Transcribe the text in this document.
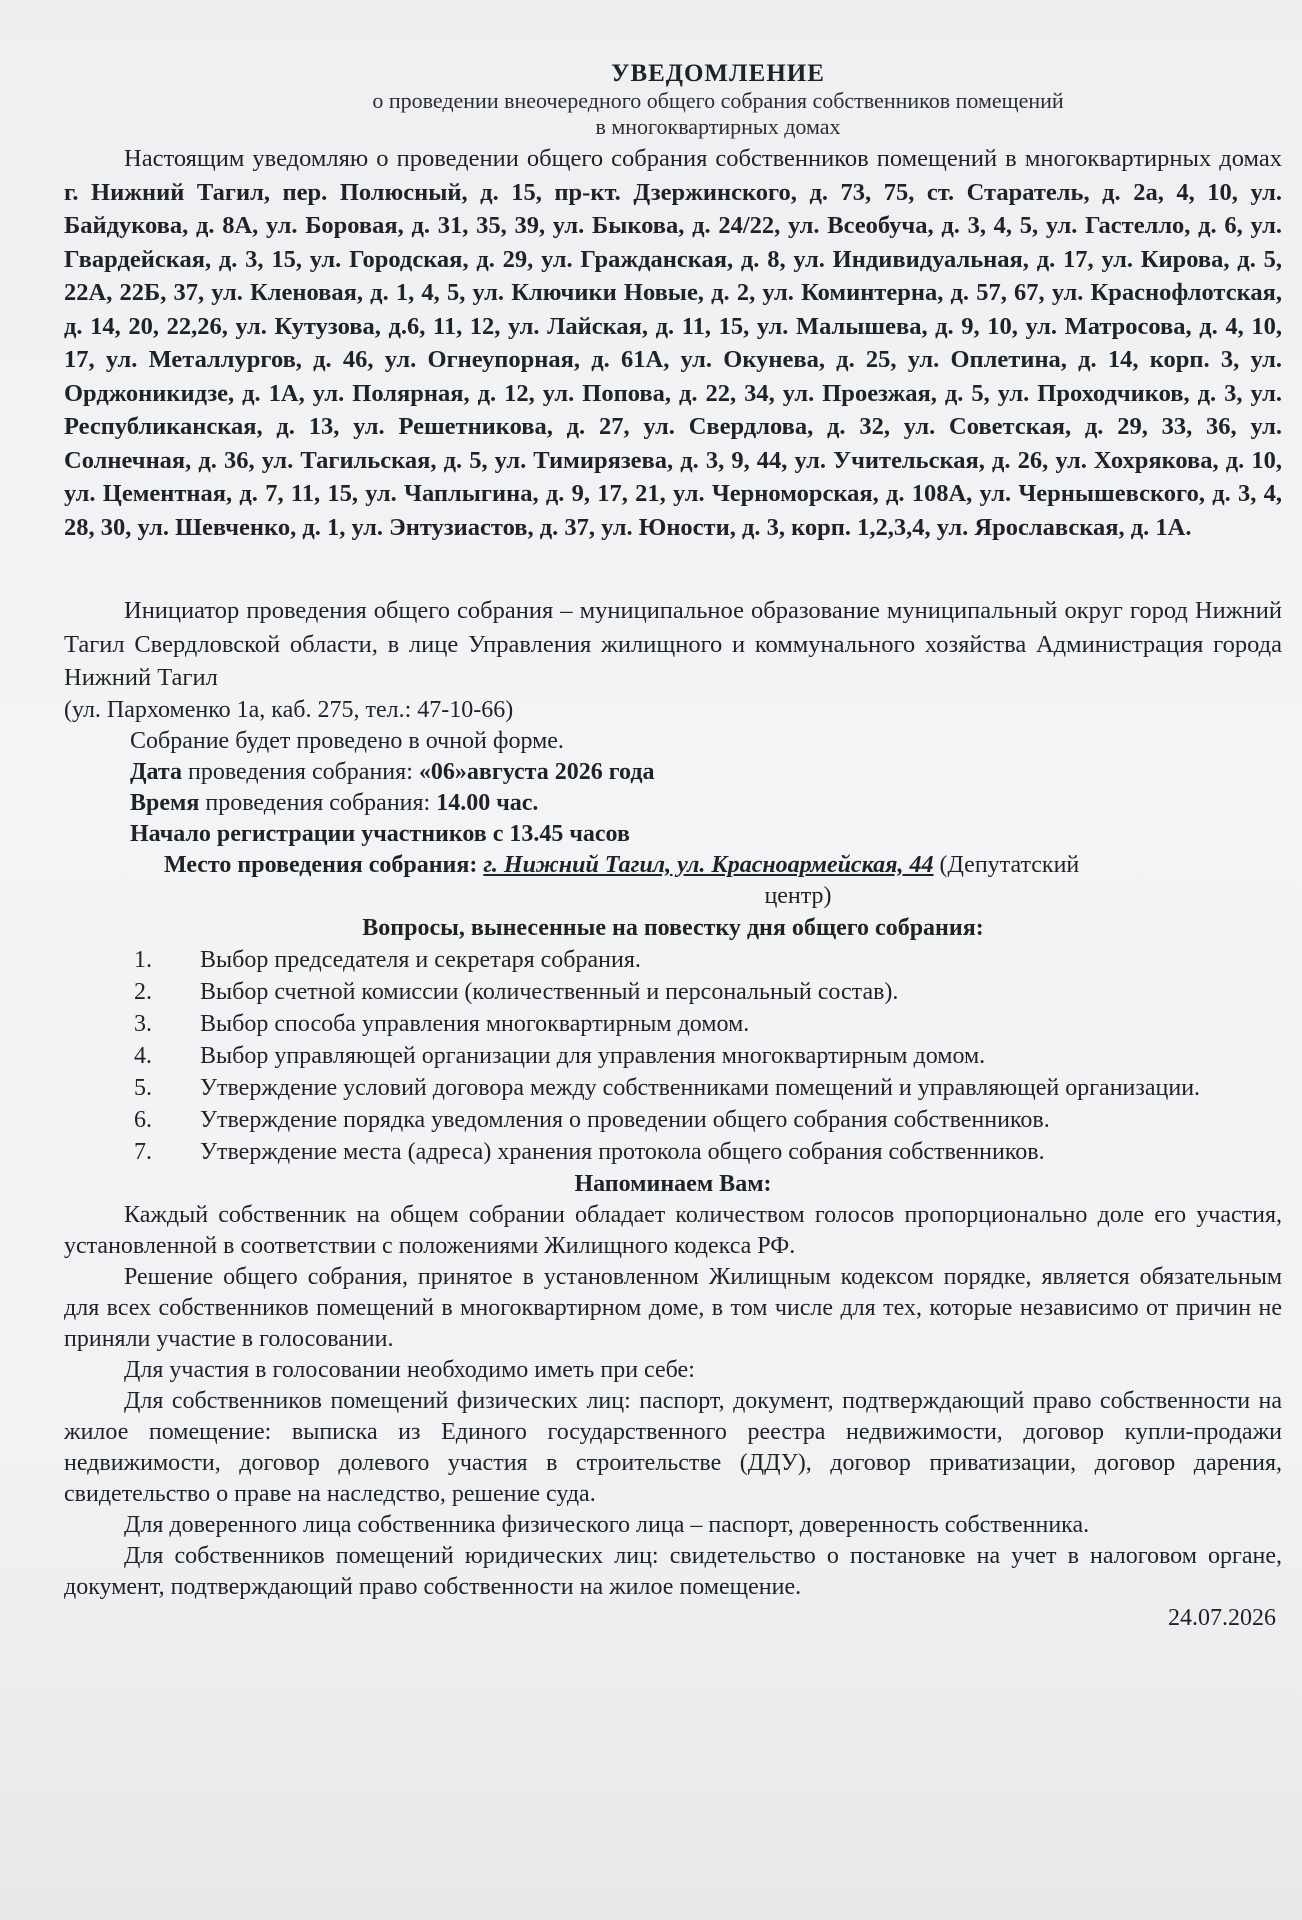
УВЕДОМЛЕНИЕ
о проведении внеочередного общего собрания собственников помещений
в многоквартирных домах

Настоящим уведомляю о проведении общего собрания собственников помещений в многоквартирных домах г. Нижний Тагил, пер. Полюсный, д. 15, пр-кт. Дзержинского, д. 73, 75, ст. Старатель, д. 2а, 4, 10, ул. Байдукова, д. 8А, ул. Боровая, д. 31, 35, 39, ул. Быкова, д. 24/22, ул. Всеобуча, д. 3, 4, 5, ул. Гастелло, д. 6, ул. Гвардейская, д. 3, 15, ул. Городская, д. 29, ул. Гражданская, д. 8, ул. Индивидуальная, д. 17, ул. Кирова, д. 5, 22А, 22Б, 37, ул. Кленовая, д. 1, 4, 5, ул. Ключики Новые, д. 2, ул. Коминтерна, д. 57, 67, ул. Краснофлотская, д. 14, 20, 22,26, ул. Кутузова, д.6, 11, 12, ул. Лайская, д. 11, 15, ул. Малышева, д. 9, 10, ул. Матросова, д. 4, 10, 17, ул. Металлургов, д. 46, ул. Огнеупорная, д. 61А, ул. Окунева, д. 25, ул. Оплетина, д. 14, корп. 3, ул. Орджоникидзе, д. 1А, ул. Полярная, д. 12, ул. Попова, д. 22, 34, ул. Проезжая, д. 5, ул. Проходчиков, д. 3, ул. Республиканская, д. 13, ул. Решетникова, д. 27, ул. Свердлова, д. 32, ул. Советская, д. 29, 33, 36, ул. Солнечная, д. 36, ул. Тагильская, д. 5, ул. Тимирязева, д. 3, 9, 44, ул. Учительская, д. 26, ул. Хохрякова, д. 10, ул. Цементная, д. 7, 11, 15, ул. Чаплыгина, д. 9, 17, 21, ул. Черноморская, д. 108А, ул. Чернышевского, д. 3, 4, 28, 30, ул. Шевченко, д. 1, ул. Энтузиастов, д. 37, ул. Юности, д. 3, корп. 1,2,3,4, ул. Ярославская, д. 1А.

Инициатор проведения общего собрания – муниципальное образование муниципальный округ город Нижний Тагил Свердловской области, в лице Управления жилищного и коммунального хозяйства Администрация города Нижний Тагил

(ул. Пархоменко 1а, каб. 275, тел.: 47-10-66)

Собрание будет проведено в очной форме.

Дата проведения собрания: «06»августа 2026 года

Время проведения собрания: 14.00 час.

Начало регистрации участников с 13.45 часов

Место проведения собрания: г. Нижний Тагил, ул. Красноармейская, 44 (Депутатский
центр)

Вопросы, вынесенные на повестку дня общего собрания:
1.	Выбор председателя и секретаря собрания.
2.	Выбор счетной комиссии (количественный и персональный состав).
3.	Выбор способа управления многоквартирным домом.
4.	Выбор управляющей организации для управления многоквартирным домом.
5. Утверждение условий договора между собственниками помещений и управляющей организации.
6.	Утверждение порядка уведомления о проведении общего собрания собственников.
7.	Утверждение места (адреса) хранения протокола общего собрания собственников.
Напоминаем Вам:

Каждый собственник на общем собрании обладает количеством голосов пропорционально доле его участия, установленной в соответствии с положениями Жилищного кодекса РФ.

Решение общего собрания, принятое в установленном Жилищным кодексом порядке, является обязательным для всех собственников помещений в многоквартирном доме, в том числе для тех, которые независимо от причин не приняли участие в голосовании.

Для участия в голосовании необходимо иметь при себе:

Для собственников помещений физических лиц: паспорт, документ, подтверждающий право собственности на жилое помещение: выписка из Единого государственного реестра недвижимости, договор купли-продажи недвижимости, договор долевого участия в строительстве (ДДУ), договор приватизации, договор дарения, свидетельство о праве на наследство, решение суда.

Для доверенного лица собственника физического лица – паспорт, доверенность собственника.

Для собственников помещений юридических лиц: свидетельство о постановке на учет в налоговом органе, документ, подтверждающий право собственности на жилое помещение.

24.07.2026
